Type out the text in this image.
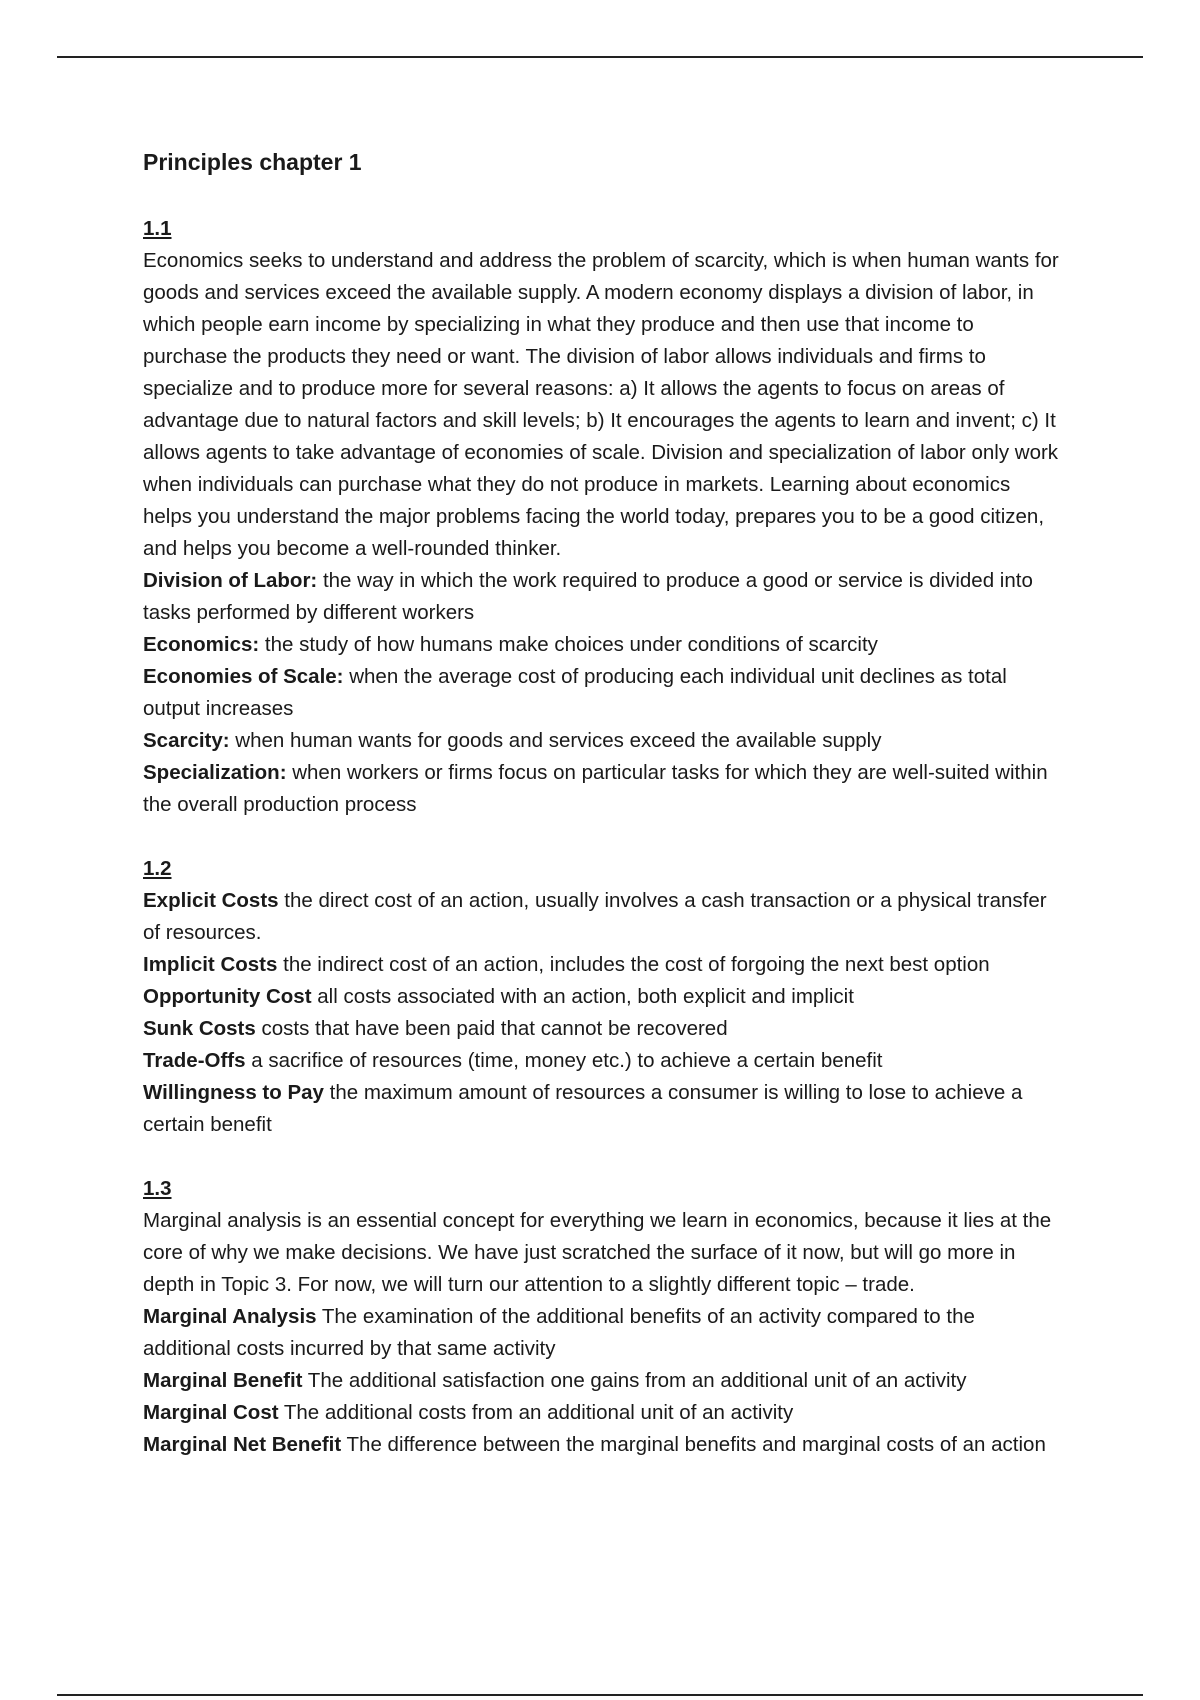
Principles chapter 1
1.1

Economics seeks to understand and address the problem of scarcity, which is when human wants for goods and services exceed the available supply. A modern economy displays a division of labor, in which people earn income by specializing in what they produce and then use that income to purchase the products they need or want. The division of labor allows individuals and firms to specialize and to produce more for several reasons: a) It allows the agents to focus on areas of advantage due to natural factors and skill levels; b) It encourages the agents to learn and invent; c) It allows agents to take advantage of economies of scale. Division and specialization of labor only work when individuals can purchase what they do not produce in markets. Learning about economics helps you understand the major problems facing the world today, prepares you to be a good citizen, and helps you become a well-rounded thinker.

Division of Labor: the way in which the work required to produce a good or service is divided into tasks performed by different workers

Economics: the study of how humans make choices under conditions of scarcity

Economies of Scale: when the average cost of producing each individual unit declines as total output increases

Scarcity: when human wants for goods and services exceed the available supply

Specialization: when workers or firms focus on particular tasks for which they are well-suited within the overall production process

1.2

Explicit Costs the direct cost of an action, usually involves a cash transaction or a physical transfer of resources.

Implicit Costs the indirect cost of an action, includes the cost of forgoing the next best option Opportunity Cost all costs associated with an action, both explicit and implicit

Sunk Costs costs that have been paid that cannot be recovered

Trade-Offs a sacrifice of resources (time, money etc.) to achieve a certain benefit

Willingness to Pay the maximum amount of resources a consumer is willing to lose to achieve a certain benefit

1.3

Marginal analysis is an essential concept for everything we learn in economics, because it lies at the core of why we make decisions. We have just scratched the surface of it now, but will go more in depth in Topic 3. For now, we will turn our attention to a slightly different topic – trade.

Marginal Analysis The examination of the additional benefits of an activity compared to the additional costs incurred by that same activity

Marginal Benefit The additional satisfaction one gains from an additional unit of an activity

Marginal Cost The additional costs from an additional unit of an activity

Marginal Net Benefit The difference between the marginal benefits and marginal costs of an action
